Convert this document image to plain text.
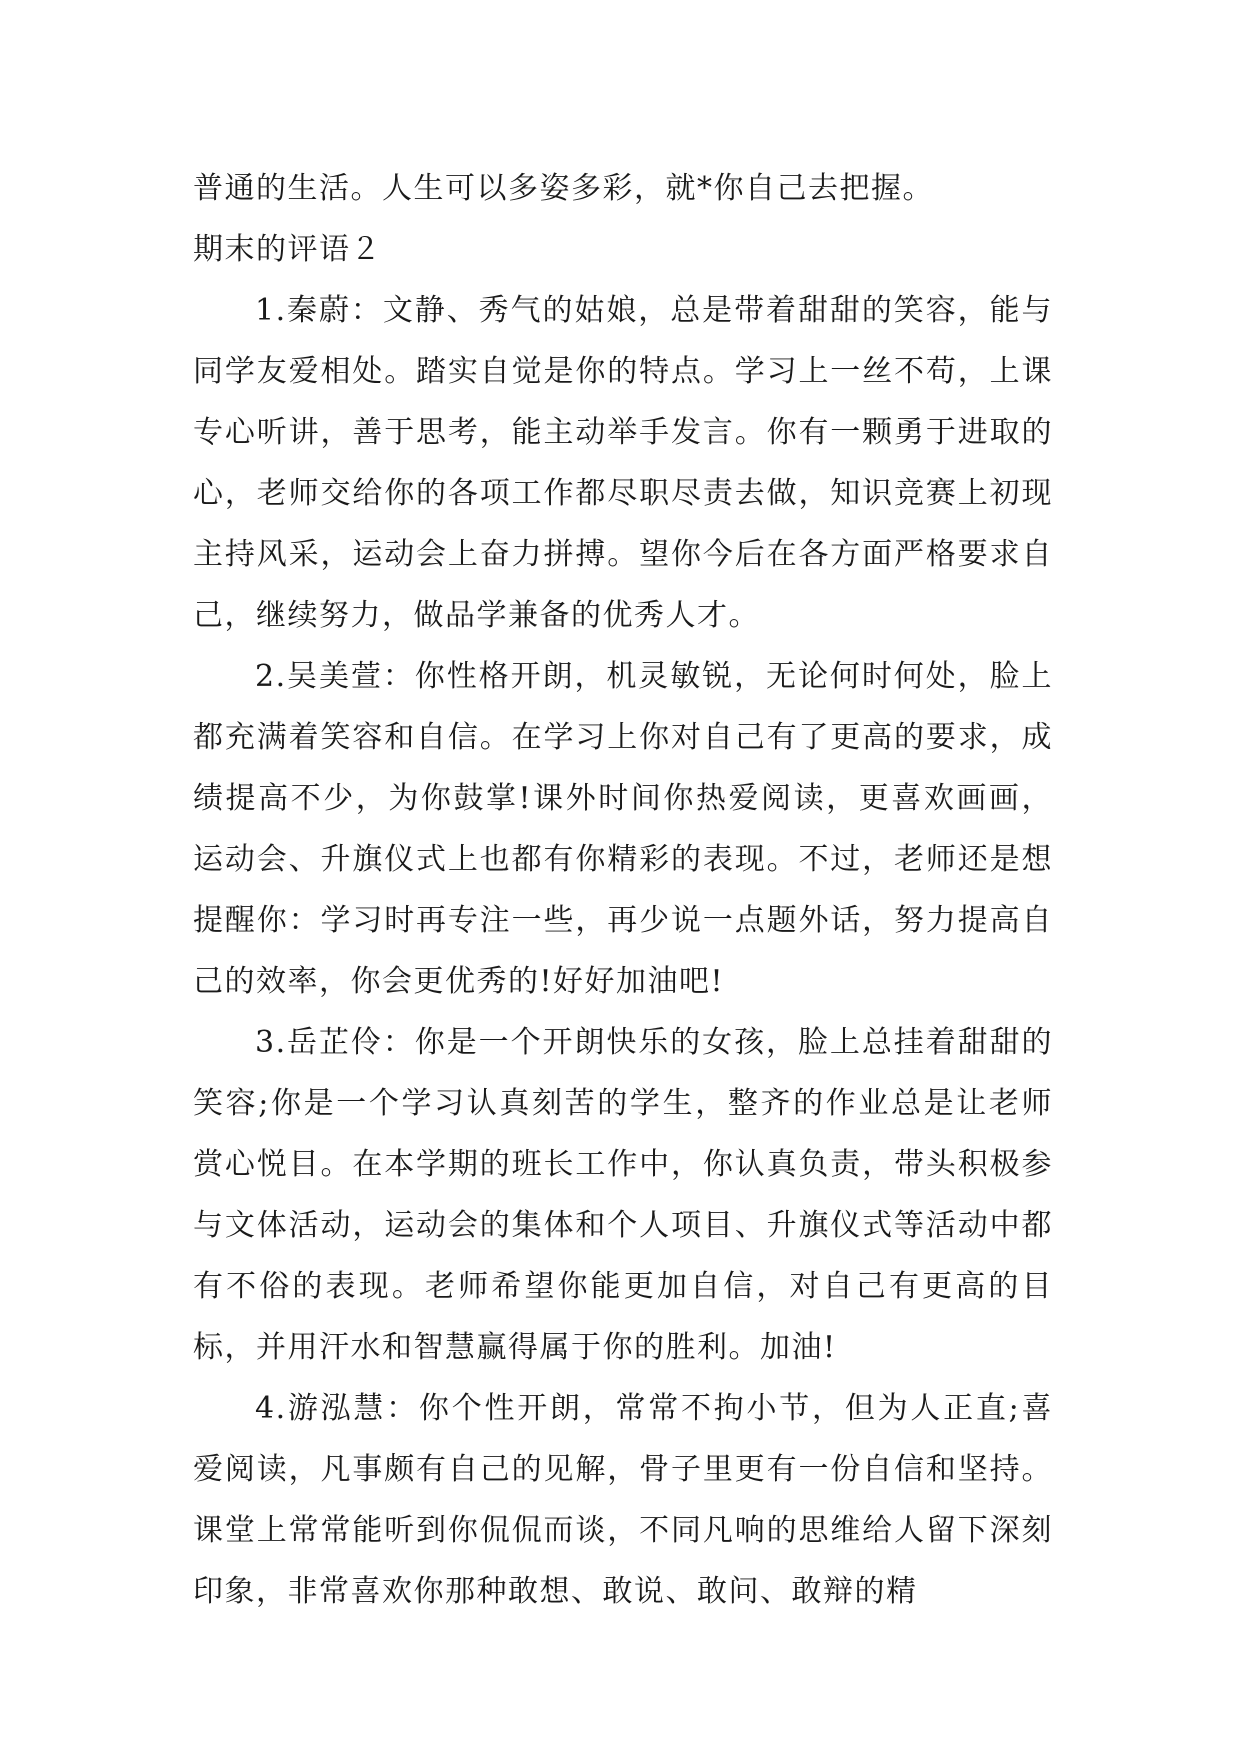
普通的生活。人生可以多姿多彩，就*你自己去把握。

期末的评语２

1.秦蔚：文静、秀气的姑娘，总是带着甜甜的笑容，能与同学友爱相处。踏实自觉是你的特点。学习上一丝不苟，上课专心听讲，善于思考，能主动举手发言。你有一颗勇于进取的心，老师交给你的各项工作都尽职尽责去做，知识竞赛上初现主持风采，运动会上奋力拼搏。望你今后在各方面严格要求自己，继续努力，做品学兼备的优秀人才。

2.吴美萱：你性格开朗，机灵敏锐，无论何时何处，脸上都充满着笑容和自信。在学习上你对自己有了更高的要求，成绩提高不少，为你鼓掌!课外时间你热爱阅读，更喜欢画画，运动会、升旗仪式上也都有你精彩的表现。不过，老师还是想提醒你：学习时再专注一些，再少说一点题外话，努力提高自己的效率，你会更优秀的!好好加油吧!

3.岳芷伶：你是一个开朗快乐的女孩，脸上总挂着甜甜的笑容;你是一个学习认真刻苦的学生，整齐的作业总是让老师赏心悦目。在本学期的班长工作中，你认真负责，带头积极参与文体活动，运动会的集体和个人项目、升旗仪式等活动中都有不俗的表现。老师希望你能更加自信，对自己有更高的目标，并用汗水和智慧赢得属于你的胜利。加油!

4.游泓慧：你个性开朗，常常不拘小节，但为人正直;喜爱阅读，凡事颇有自己的见解，骨子里更有一份自信和坚持。课堂上常常能听到你侃侃而谈，不同凡响的思维给人留下深刻印象，非常喜欢你那种敢想、敢说、敢问、敢辩的精
